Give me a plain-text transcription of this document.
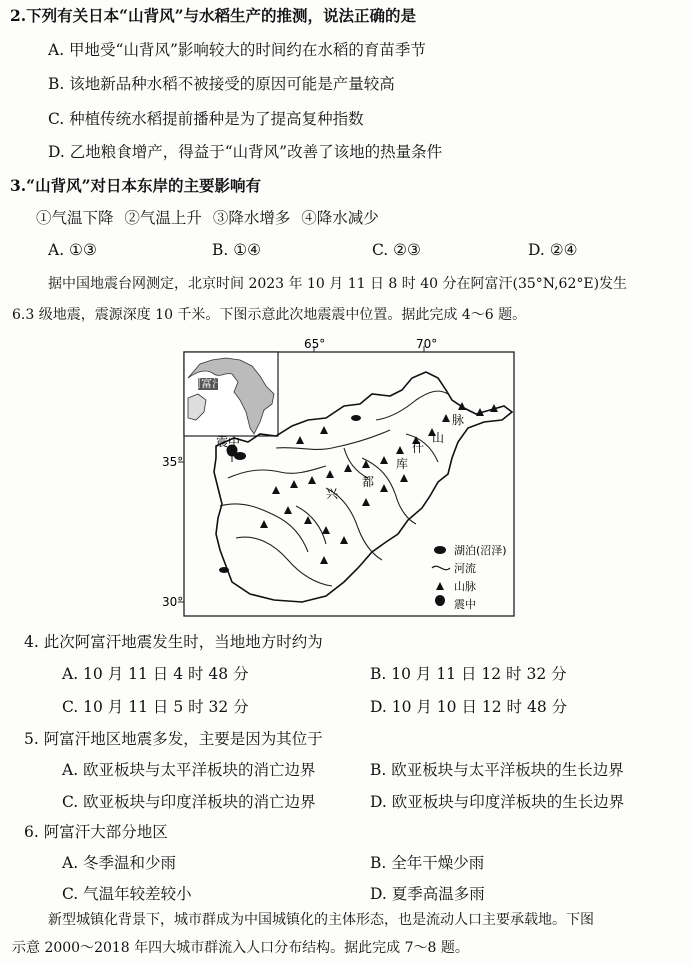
2.下列有关日本“山背风”与水稻生产的推测，说法正确的是
A. 甲地受“山背风”影响较大的时间约在水稻的育苗季节
B. 该地新品种水稻不被接受的原因可能是产量较高
C. 种植传统水稻提前播种是为了提高复种指数
D. 乙地粮食增产，得益于“山背风”改善了该地的热量条件
3.“山背风”对日本东岸的主要影响有
①气温下降 ②气温上升 ③降水增多 ④降水减少
A. ①③	B. ①④	C. ②③	D. ②④
据中国地震台网测定，北京时间 2023 年 10 月 11 日 8 时 40 分在阿富汗(35°N,62°E)发生
6.3 级地震，震源深度 10 千米。下图示意此次地震震中位置。据此完成 4～6 题。
65°	70°
35°
30°
阿富汗
兴
都
库
什
山
脉
震中
湖泊(沼泽)
河流
山脉
震中
4. 此次阿富汗地震发生时，当地地方时约为
A. 10 月 11 日 4 时 48 分	B. 10 月 11 日 12 时 32 分
C. 10 月 11 日 5 时 32 分	D. 10 月 10 日 12 时 48 分
5. 阿富汗地区地震多发，主要是因为其位于
A. 欧亚板块与太平洋板块的消亡边界	B. 欧亚板块与太平洋板块的生长边界
C. 欧亚板块与印度洋板块的消亡边界	D. 欧亚板块与印度洋板块的生长边界
6. 阿富汗大部分地区
A. 冬季温和少雨	B. 全年干燥少雨
C. 气温年较差较小	D. 夏季高温多雨
新型城镇化背景下，城市群成为中国城镇化的主体形态，也是流动人口主要承载地。下图
示意 2000～2018 年四大城市群流入人口分布结构。据此完成 7～8 题。
